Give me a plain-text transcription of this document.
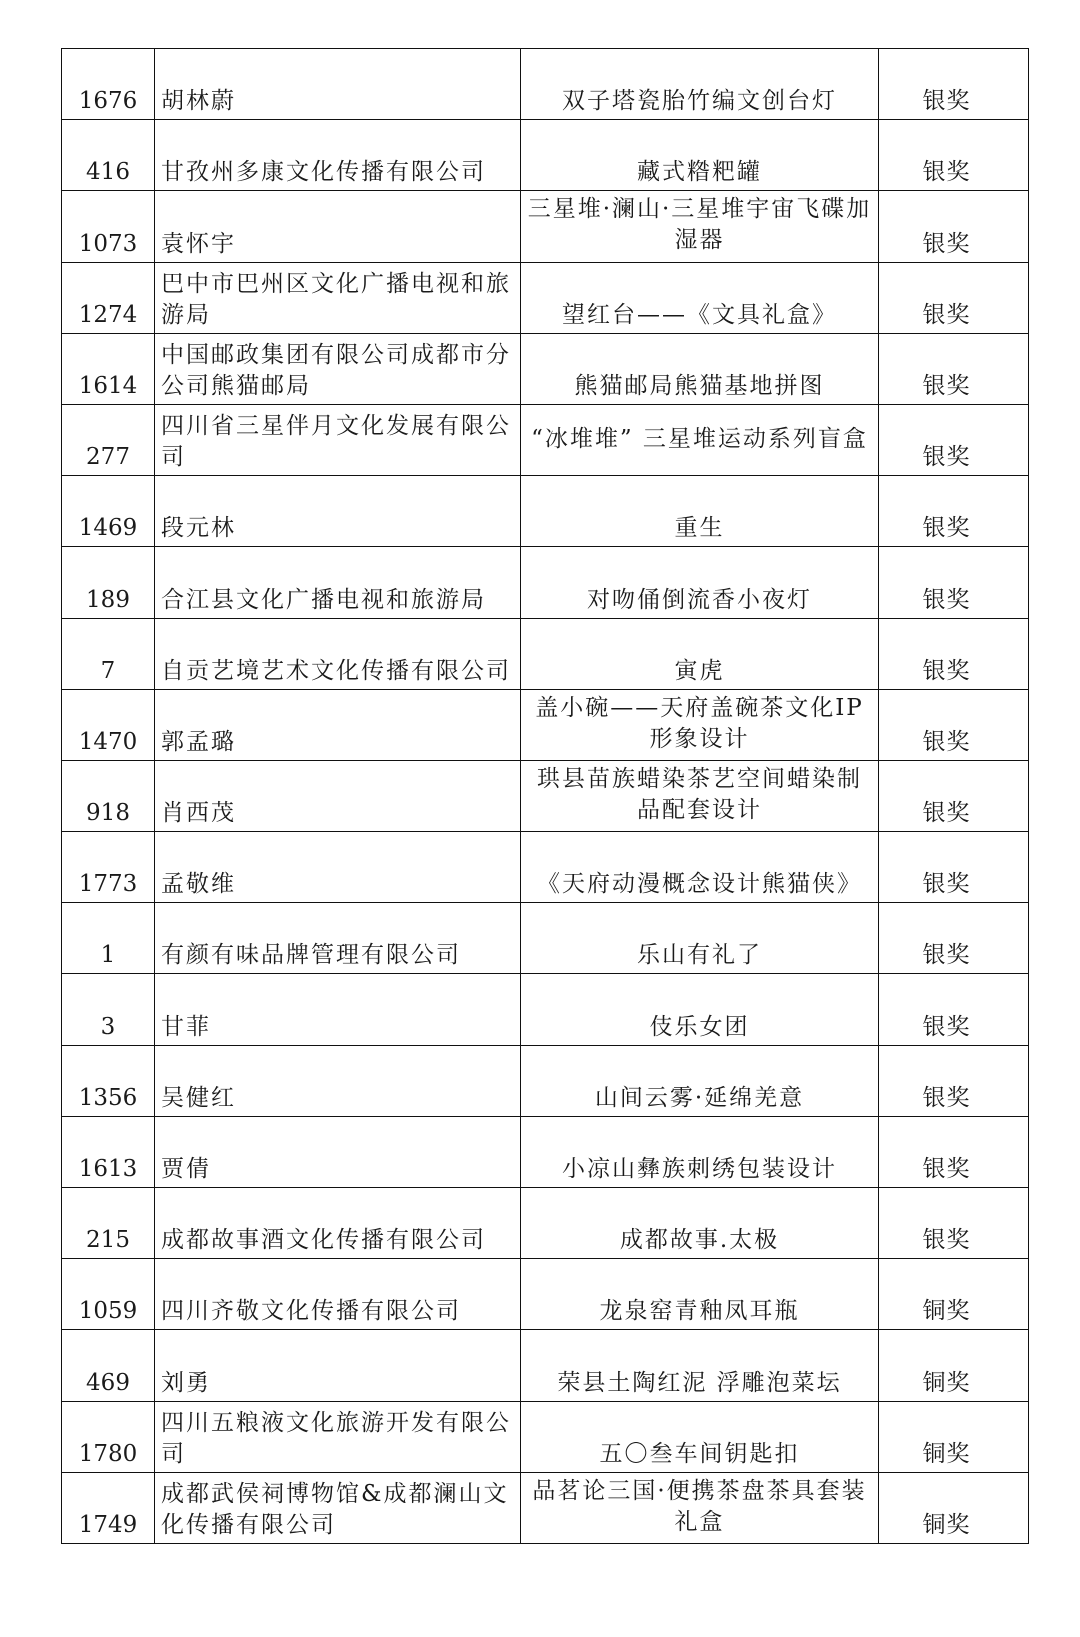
1676	胡林蔚	双子塔瓷胎竹编文创台灯	银奖
416	甘孜州多康文化传播有限公司	藏式糌粑罐	银奖
1073	袁怀宇	三星堆·澜山·三星堆宇宙飞碟加湿器	银奖
1274	巴中市巴州区文化广播电视和旅游局	望红台——《文具礼盒》	银奖
1614	中国邮政集团有限公司成都市分公司熊猫邮局	熊猫邮局熊猫基地拼图	银奖
277	四川省三星伴月文化发展有限公司	“冰堆堆” 三星堆运动系列盲盒	银奖
1469	段元林	重生	银奖
189	合江县文化广播电视和旅游局	对吻俑倒流香小夜灯	银奖
7	自贡艺境艺术文化传播有限公司	寅虎	银奖
1470	郭孟璐	盖小碗——天府盖碗茶文化IP形象设计	银奖
918	肖西茂	珙县苗族蜡染茶艺空间蜡染制品配套设计	银奖
1773	孟敬维	《天府动漫概念设计熊猫侠》	银奖
1	有颜有味品牌管理有限公司	乐山有礼了	银奖
3	甘菲	伎乐女团	银奖
1356	吴健红	山间云雾·延绵羌意	银奖
1613	贾倩	小凉山彝族刺绣包装设计	银奖
215	成都故事酒文化传播有限公司	成都故事.太极	银奖
1059	四川齐敬文化传播有限公司	龙泉窑青釉凤耳瓶	铜奖
469	刘勇	荣县土陶红泥 浮雕泡菜坛	铜奖
1780	四川五粮液文化旅游开发有限公司	五〇叁车间钥匙扣	铜奖
1749	成都武侯祠博物馆&成都澜山文化传播有限公司	品茗论三国·便携茶盘茶具套装礼盒	铜奖
